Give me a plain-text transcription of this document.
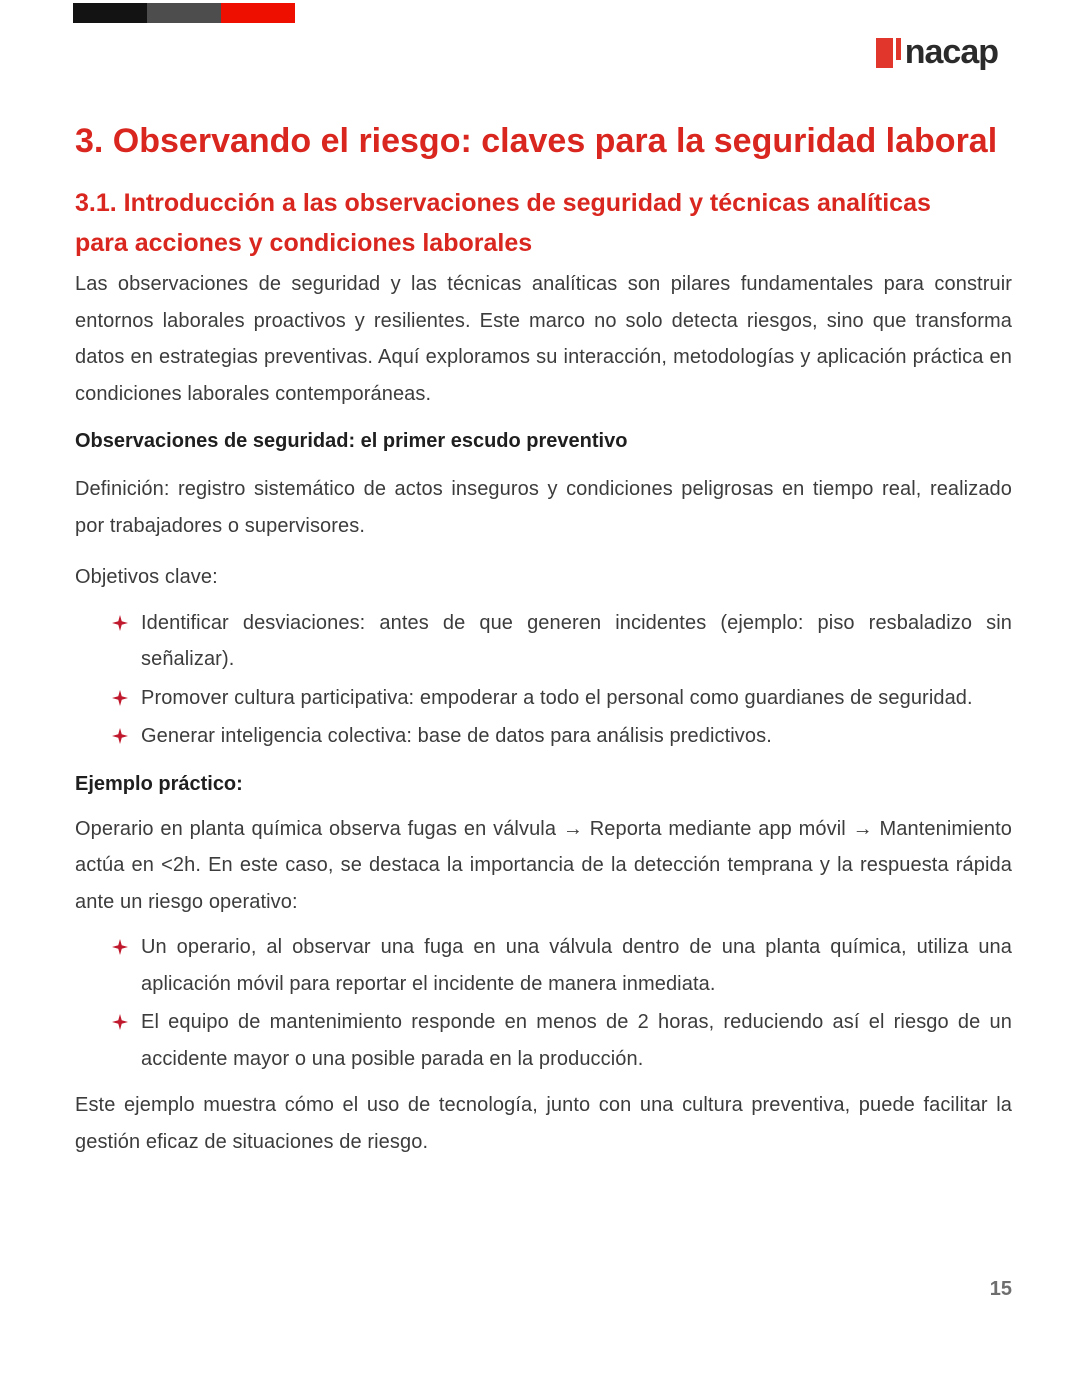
nacap
3. Observando el riesgo: claves para la seguridad laboral
3.1. Introducción a las observaciones de seguridad y técnicas analíticas para acciones y condiciones laborales

Las observaciones de seguridad y las técnicas analíticas son pilares fundamentales para construir entornos laborales proactivos y resilientes. Este marco no solo detecta riesgos, sino que transforma datos en estrategias preventivas. Aquí exploramos su interacción, metodologías y aplicación práctica en condiciones laborales contemporáneas.

Observaciones de seguridad: el primer escudo preventivo

Definición: registro sistemático de actos inseguros y condiciones peligrosas en tiempo real, realizado por trabajadores o supervisores.

Objetivos clave:

Identificar desviaciones: antes de que generen incidentes (ejemplo: piso resbaladizo sin señalizar).
Promover cultura participativa: empoderar a todo el personal como guardianes de seguridad.
Generar inteligencia colectiva: base de datos para análisis predictivos.
Ejemplo práctico:

Operario en planta química observa fugas en válvula → Reporta mediante app móvil → Mantenimiento actúa en <2h. En este caso, se destaca la importancia de la detección temprana y la respuesta rápida ante un riesgo operativo:

Un operario, al observar una fuga en una válvula dentro de una planta química, utiliza una aplicación móvil para reportar el incidente de manera inmediata.
El equipo de mantenimiento responde en menos de 2 horas, reduciendo así el riesgo de un accidente mayor o una posible parada en la producción.

Este ejemplo muestra cómo el uso de tecnología, junto con una cultura preventiva, puede facilitar la gestión eficaz de situaciones de riesgo.

15
